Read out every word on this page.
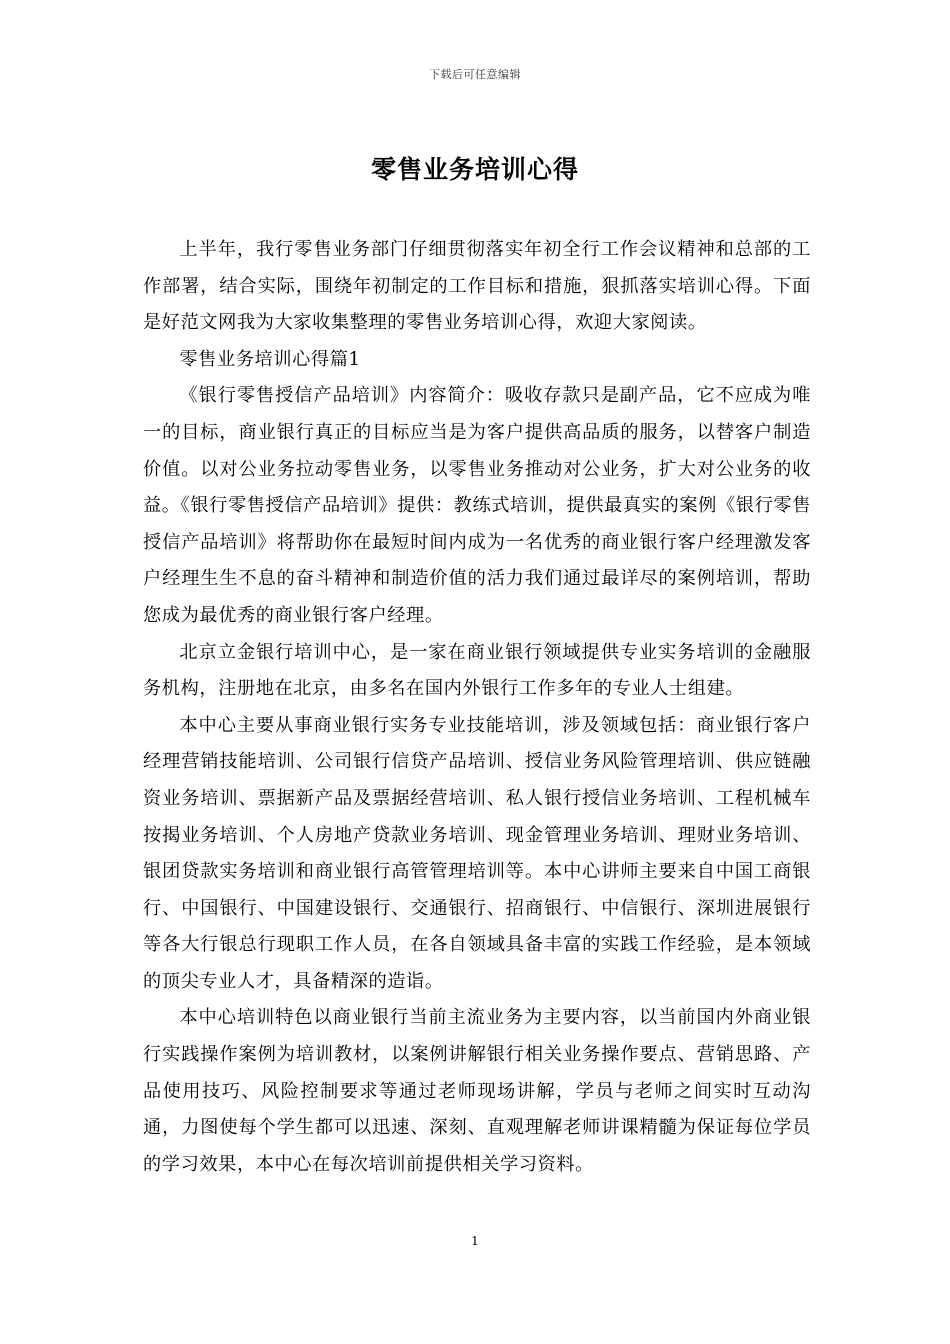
下载后可任意编辑
零售业务培训心得

上半年，我行零售业务部门仔细贯彻落实年初全行工作会议精神和总部的工作部署，结合实际，围绕年初制定的工作目标和措施，狠抓落实培训心得。下面是好范文网我为大家收集整理的零售业务培训心得，欢迎大家阅读。

零售业务培训心得篇1

《银行零售授信产品培训》内容简介：吸收存款只是副产品，它不应成为唯一的目标，商业银行真正的目标应当是为客户提供高品质的服务，以替客户制造价值。以对公业务拉动零售业务，以零售业务推动对公业务，扩大对公业务的收益。《银行零售授信产品培训》提供：教练式培训，提供最真实的案例《银行零售授信产品培训》将帮助你在最短时间内成为一名优秀的商业银行客户经理激发客户经理生生不息的奋斗精神和制造价值的活力我们通过最详尽的案例培训，帮助您成为最优秀的商业银行客户经理。

北京立金银行培训中心，是一家在商业银行领域提供专业实务培训的金融服务机构，注册地在北京，由多名在国内外银行工作多年的专业人士组建。

本中心主要从事商业银行实务专业技能培训，涉及领域包括：商业银行客户经理营销技能培训、公司银行信贷产品培训、授信业务风险管理培训、供应链融资业务培训、票据新产品及票据经营培训、私人银行授信业务培训、工程机械车按揭业务培训、个人房地产贷款业务培训、现金管理业务培训、理财业务培训、银团贷款实务培训和商业银行高管管理培训等。本中心讲师主要来自中国工商银行、中国银行、中国建设银行、交通银行、招商银行、中信银行、深圳进展银行等各大行银总行现职工作人员，在各自领域具备丰富的实践工作经验，是本领域的顶尖专业人才，具备精深的造诣。

本中心培训特色以商业银行当前主流业务为主要内容，以当前国内外商业银行实践操作案例为培训教材，以案例讲解银行相关业务操作要点、营销思路、产品使用技巧、风险控制要求等通过老师现场讲解，学员与老师之间实时互动沟通，力图使每个学生都可以迅速、深刻、直观理解老师讲课精髓为保证每位学员的学习效果，本中心在每次培训前提供相关学习资料。

1
